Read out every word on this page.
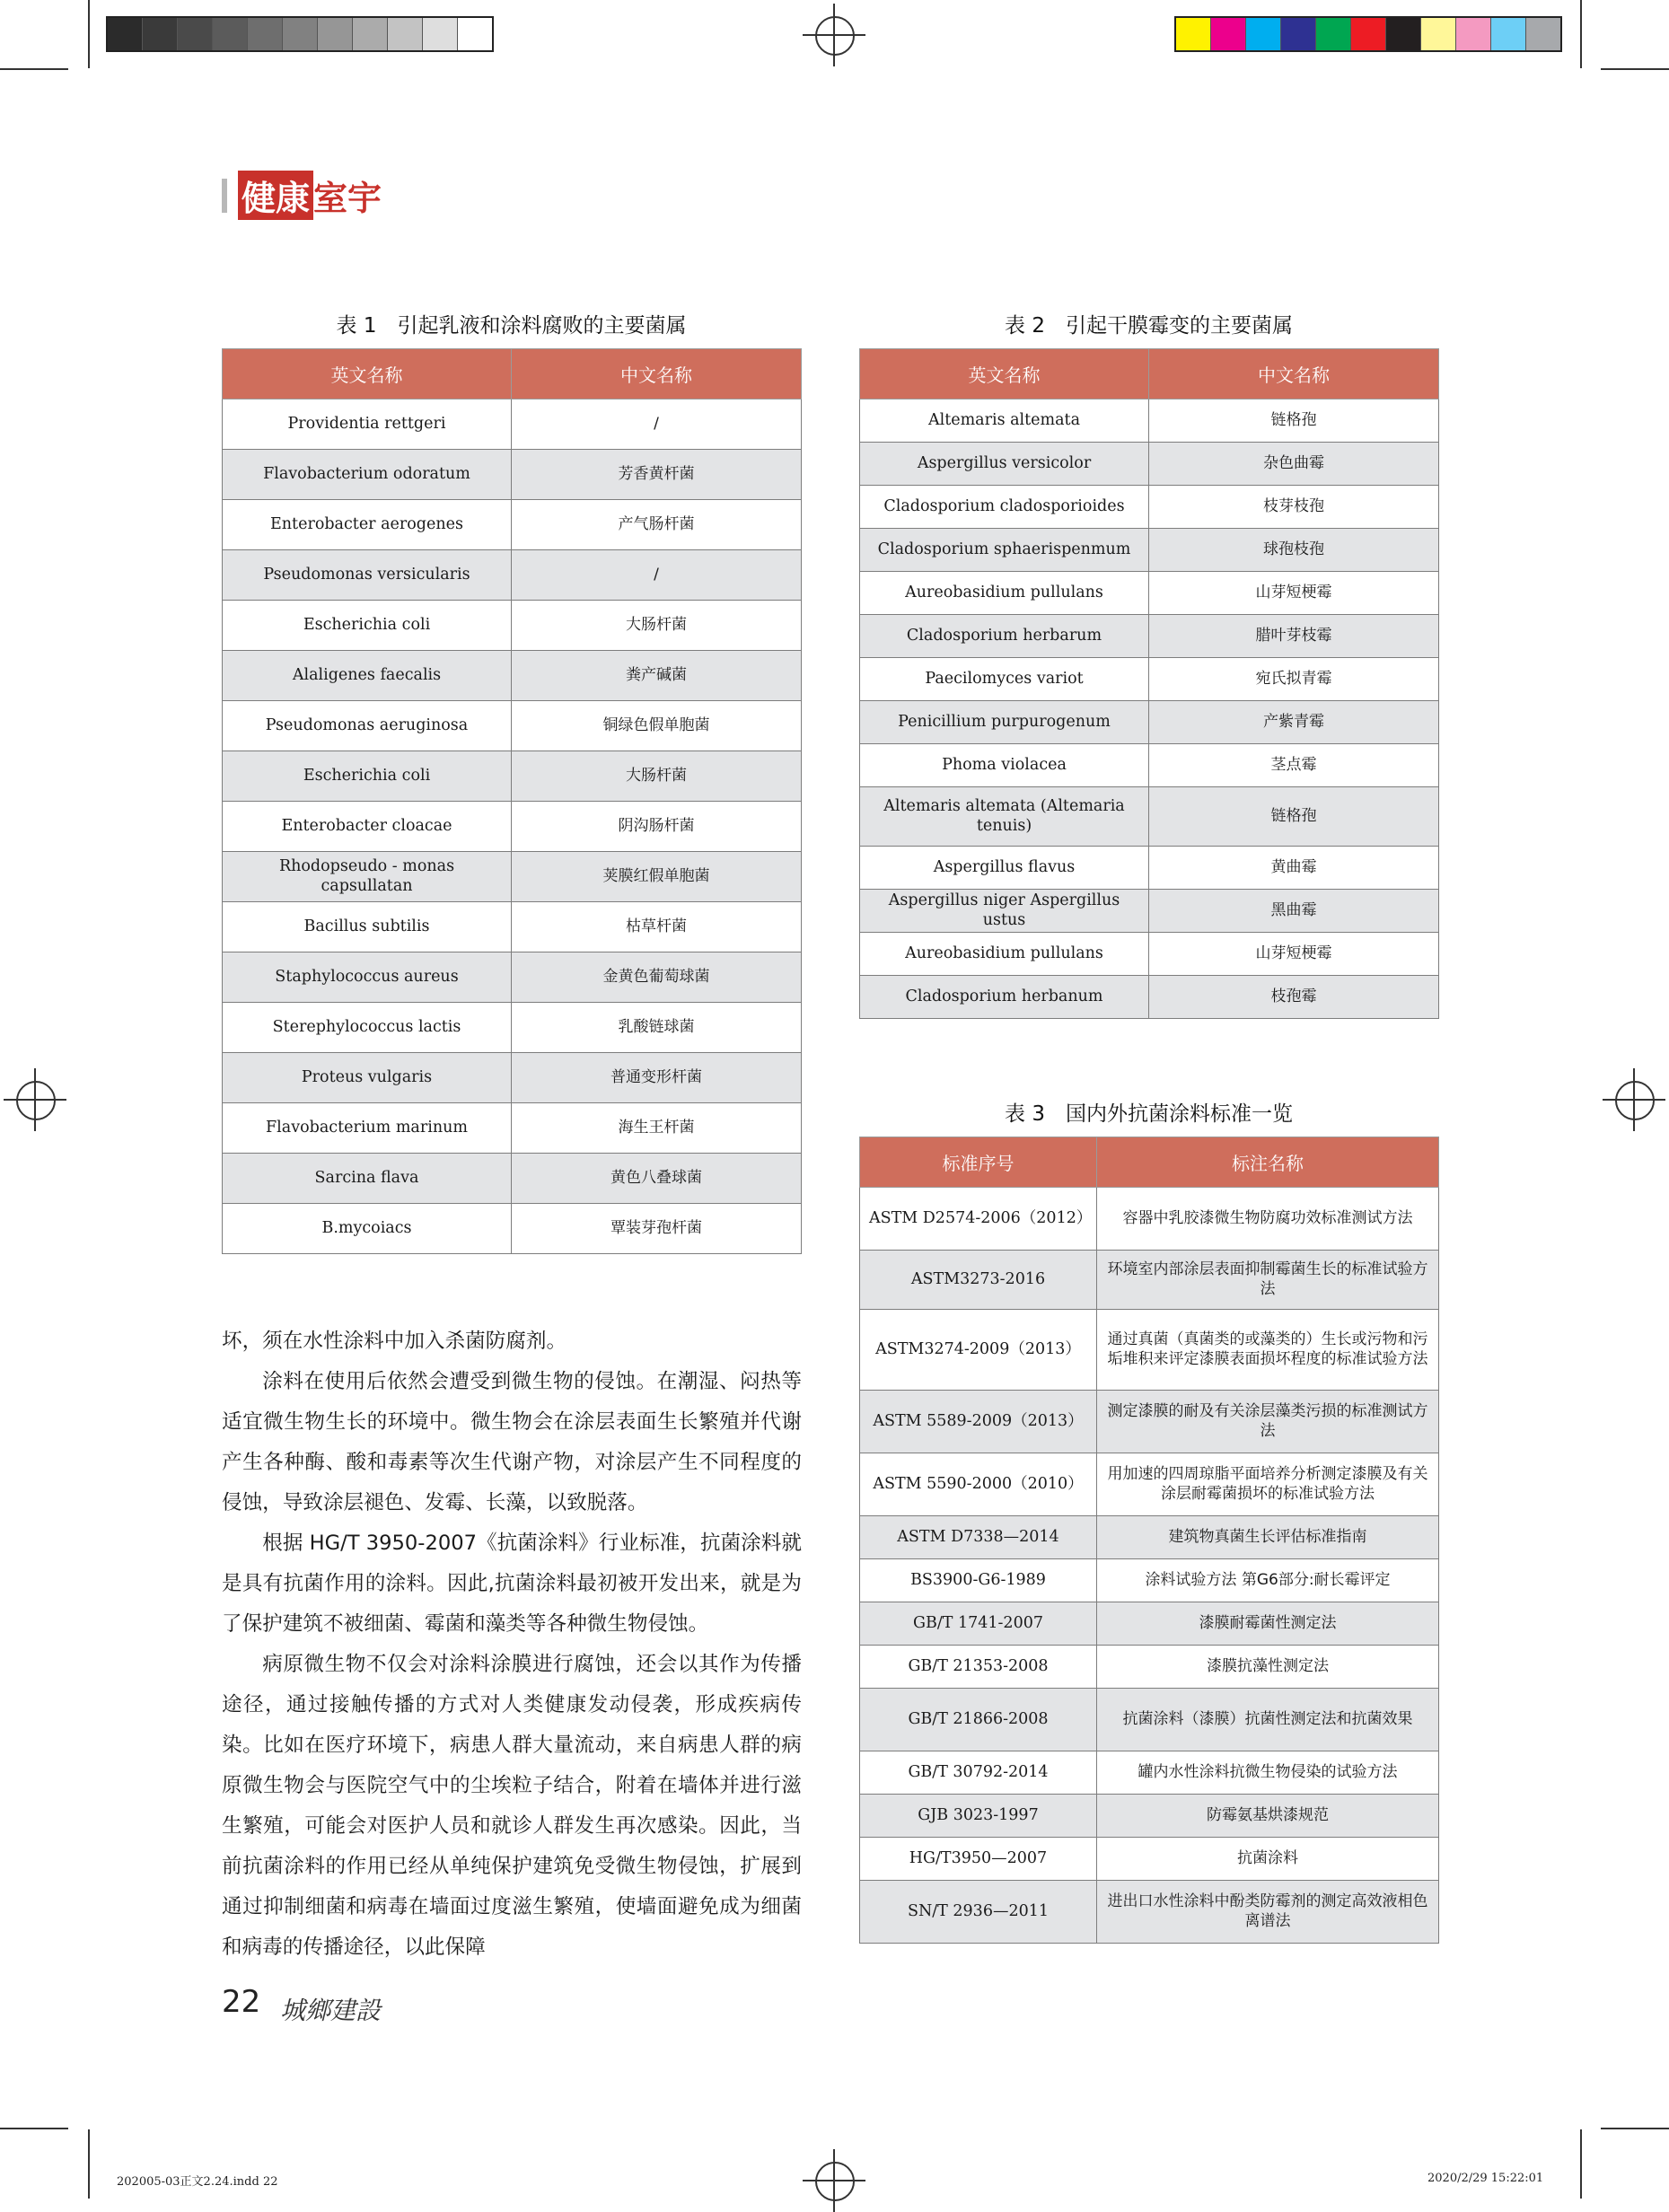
健康 室宇
表 1　引起乳液和涂料腐败的主要菌属
英文名称	中文名称
Providentia rettgeri	/
Flavobacterium odoratum	芳香黄杆菌
Enterobacter aerogenes	产气肠杆菌
Pseudomonas versicularis	/
Escherichia coli	大肠杆菌
Alaligenes faecalis	粪产碱菌
Pseudomonas aeruginosa	铜绿色假单胞菌
Escherichia coli	大肠杆菌
Enterobacter cloacae	阴沟肠杆菌
Rhodopseudo - monas capsullatan	荚膜红假单胞菌
Bacillus subtilis	枯草杆菌
Staphylococcus aureus	金黄色葡萄球菌
Sterephylococcus lactis	乳酸链球菌
Proteus vulgaris	普通变形杆菌
Flavobacterium marinum	海生王杆菌
Sarcina flava	黄色八叠球菌
B.mycoiacs	覃装芽孢杆菌
表 2　引起干膜霉变的主要菌属
英文名称	中文名称
Altemaris altemata	链格孢
Aspergillus versicolor	杂色曲霉
Cladosporium cladosporioides	枝芽枝孢
Cladosporium sphaerispenmum	球孢枝孢
Aureobasidium pullulans	山芽短梗霉
Cladosporium herbarum	腊叶芽枝霉
Paecilomyces variot	宛氏拟青霉
Penicillium purpurogenum	产紫青霉
Phoma violacea	茎点霉
Altemaris altemata (Altemaria tenuis)	链格孢
Aspergillus flavus	黄曲霉
Aspergillus niger Aspergillus ustus	黑曲霉
Aureobasidium pullulans	山芽短梗霉
Cladosporium herbanum	枝孢霉
表 3　国内外抗菌涂料标准一览
标准序号	标注名称
ASTM D2574-2006（2012）	容器中乳胶漆微生物防腐功效标准测试方法
ASTM3273-2016	环境室内部涂层表面抑制霉菌生长的标准试验方法
ASTM3274-2009（2013）	通过真菌（真菌类的或藻类的）生长或污物和污垢堆积来评定漆膜表面损坏程度的标准试验方法
ASTM 5589-2009（2013）	测定漆膜的耐及有关涂层藻类污损的标准测试方法
ASTM 5590-2000（2010）	用加速的四周琼脂平面培养分析测定漆膜及有关涂层耐霉菌损坏的标准试验方法
ASTM D7338—2014	建筑物真菌生长评估标准指南
BS3900-G6-1989	涂料试验方法 第G6部分:耐长霉评定
GB/T 1741-2007	漆膜耐霉菌性测定法
GB/T 21353-2008	漆膜抗藻性测定法
GB/T 21866-2008	抗菌涂料（漆膜）抗菌性测定法和抗菌效果
GB/T 30792-2014	罐内水性涂料抗微生物侵染的试验方法
GJB 3023-1997	防霉氨基烘漆规范
HG/T3950—2007	抗菌涂料
SN/T 2936—2011	进出口水性涂料中酚类防霉剂的测定高效液相色离谱法

坏，须在水性涂料中加入杀菌防腐剂。

涂料在使用后依然会遭受到微生物的侵蚀。在潮湿、闷热等适宜微生物生长的环境中。微生物会在涂层表面生长繁殖并代谢产生各种酶、酸和毒素等次生代谢产物，对涂层产生不同程度的侵蚀，导致涂层褪色、发霉、长藻，以致脱落。

根据 HG/T 3950-2007《抗菌涂料》行业标准，抗菌涂料就是具有抗菌作用的涂料。因此,抗菌涂料最初被开发出来，就是为了保护建筑不被细菌、霉菌和藻类等各种微生物侵蚀。

病原微生物不仅会对涂料涂膜进行腐蚀，还会以其作为传播途径，通过接触传播的方式对人类健康发动侵袭，形成疾病传染。比如在医疗环境下，病患人群大量流动，来自病患人群的病原微生物会与医院空气中的尘埃粒子结合，附着在墙体并进行滋生繁殖，可能会对医护人员和就诊人群发生再次感染。因此，当前抗菌涂料的作用已经从单纯保护建筑免受微生物侵蚀，扩展到通过抑制细菌和病毒在墙面过度滋生繁殖，使墙面避免成为细菌和病毒的传播途径，以此保障

22 城鄉建設
202005-03正文2.24.indd 22	2020/2/29 15:22:01
